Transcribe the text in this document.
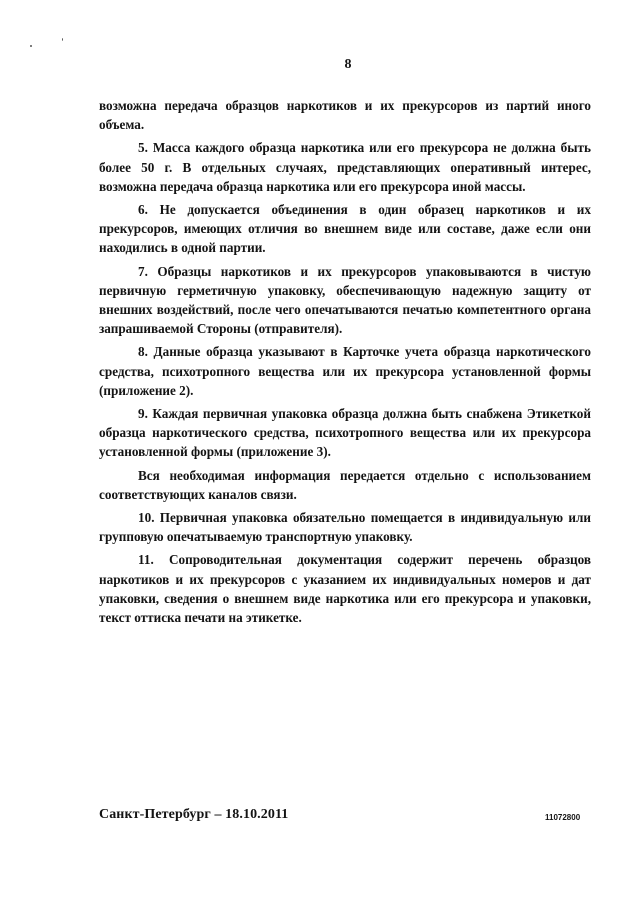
8

возможна передача образцов наркотиков и их прекурсоров из партий иного объема.

5. Масса каждого образца наркотика или его прекурсора не должна быть более 50 г. В отдельных случаях, представляющих оперативный интерес, возможна передача образца наркотика или его прекурсора иной массы.

6. Не допускается объединения в один образец наркотиков и их прекурсоров, имеющих отличия во внешнем виде или составе, даже если они находились в одной партии.

7. Образцы наркотиков и их прекурсоров упаковываются в чистую первичную герметичную упаковку, обеспечивающую надежную защиту от внешних воздействий, после чего опечатываются печатью компетентного органа запрашиваемой Стороны (отправителя).

8. Данные образца указывают в Карточке учета образца наркотического средства, психотропного вещества или их прекурсора установленной формы (приложение 2).

9. Каждая первичная упаковка образца должна быть снабжена Этикеткой образца наркотического средства, психотропного вещества или их прекурсора установленной формы (приложение 3).

Вся необходимая информация передается отдельно с использованием соответствующих каналов связи.

10. Первичная упаковка обязательно помещается в индивидуальную или групповую опечатываемую транспортную упаковку.

11. Сопроводительная документация содержит перечень образцов наркотиков и их прекурсоров с указанием их индивидуальных номеров и дат упаковки, сведения о внешнем виде наркотика или его прекурсора и упаковки, текст оттиска печати на этикетке.

Санкт-Петербург – 18.10.2011	11072800
